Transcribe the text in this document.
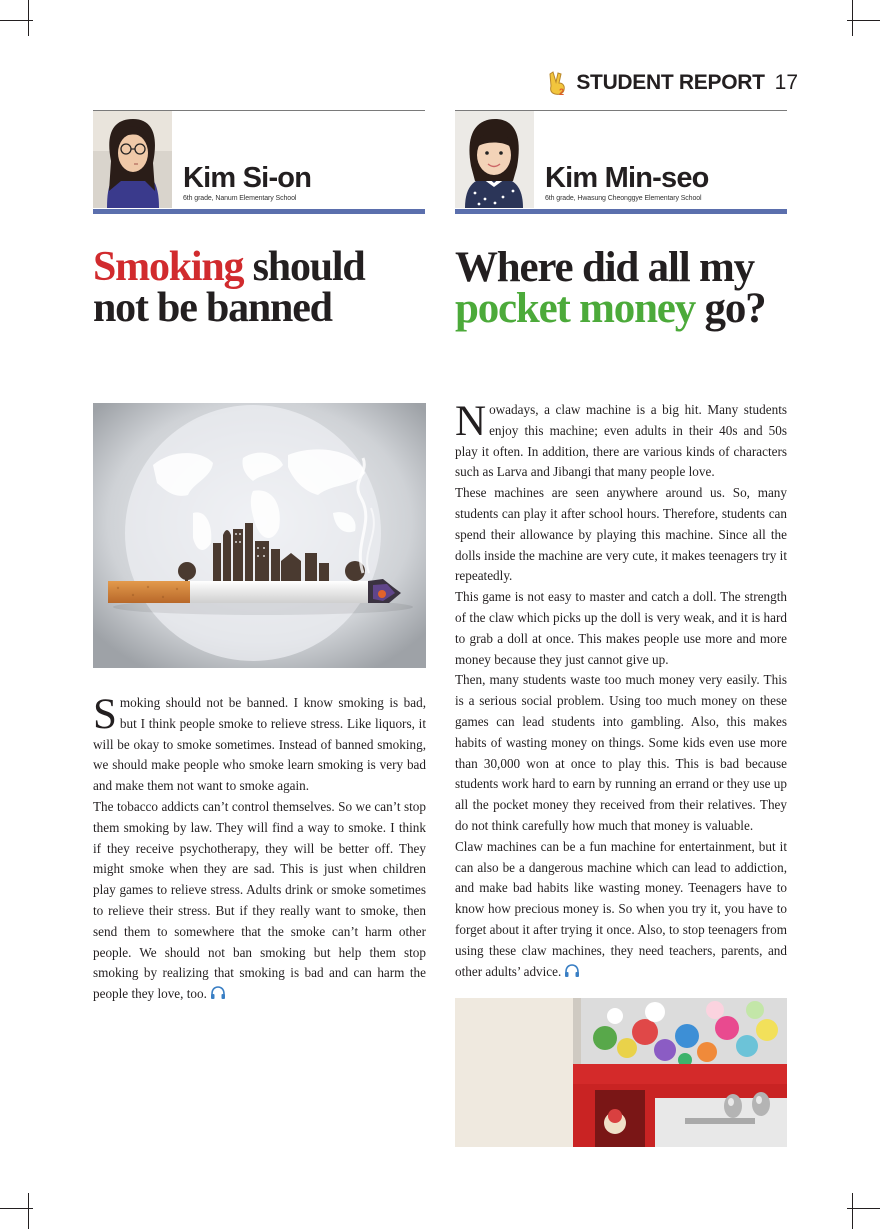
2 STUDENT REPORT 17
Kim Si-on
6th grade, Nanum Elementary School
Smoking should
not be banned
Kim Min-seo
6th grade, Hwasung Cheonggye Elementary School
Where did all my
pocket money go?

Smoking should not be banned. I know smoking is bad, but I think people smoke to relieve stress. Like liquors, it will be okay to smoke sometimes. Instead of banned smoking, we should make people who smoke learn smoking is very bad and make them not want to smoke again.

The tobacco addicts can’t control themselves. So we can’t stop them smoking by law. They will find a way to smoke. I think if they receive psychotherapy, they will be better off. They might smoke when they are sad. This is just when children play games to relieve stress. Adults drink or smoke sometimes to relieve their stress. But if they really want to smoke, then send them to somewhere that the smoke can’t harm other people. We should not ban smoking but help them stop smoking by realizing that smoking is bad and can harm the people they love, too.

Nowadays, a claw machine is a big hit. Many students enjoy this machine; even adults in their 40s and 50s play it often. In addition, there are various kinds of characters such as Larva and Jibangi that many people love.

These machines are seen anywhere around us. So, many students can play it after school hours. Therefore, students can spend their allowance by playing this machine. Since all the dolls inside the machine are very cute, it makes teenagers try it repeatedly.

This game is not easy to master and catch a doll. The strength of the claw which picks up the doll is very weak, and it is hard to grab a doll at once. This makes people use more and more money because they just cannot give up.

Then, many students waste too much money very easily. This is a serious social problem. Using too much money on these games can lead students into gambling. Also, this makes habits of wasting money on things. Some kids even use more than 30,000 won at once to play this. This is bad because students work hard to earn by running an errand or they use up all the pocket money they received from their relatives. They do not think carefully how much that money is valuable.

Claw machines can be a fun machine for entertainment, but it can also be a dangerous machine which can lead to addiction, and make bad habits like wasting money. Teenagers have to know how precious money is. So when you try it, you have to forget about it after trying it once. Also, to stop teenagers from using these claw machines, they need teachers, parents, and other adults’ advice.
